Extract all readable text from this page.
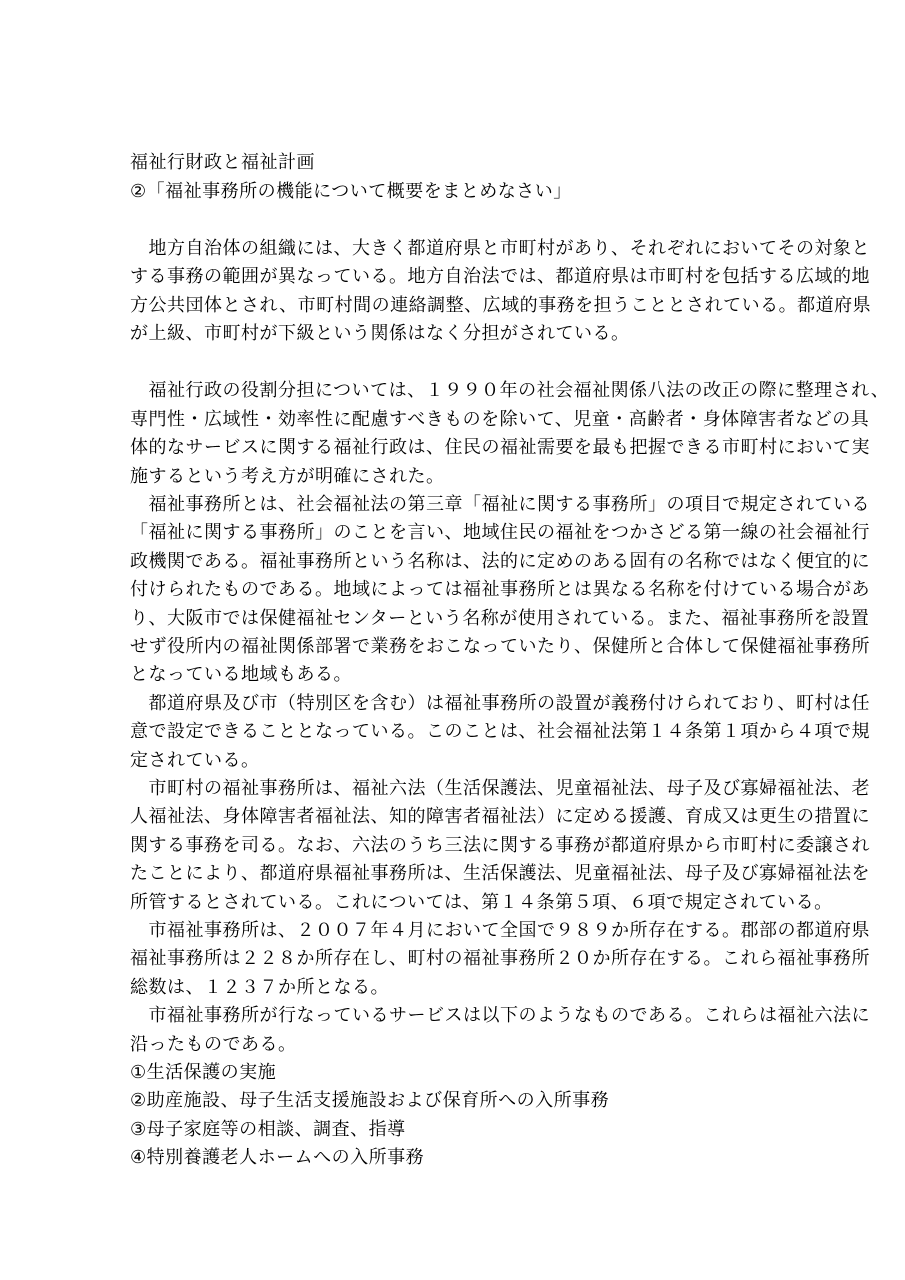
福祉行財政と福祉計画
②「福祉事務所の機能について概要をまとめなさい」
　地方自治体の組織には、大きく都道府県と市町村があり、それぞれにおいてその対象と
する事務の範囲が異なっている。地方自治法では、都道府県は市町村を包括する広域的地
方公共団体とされ、市町村間の連絡調整、広域的事務を担うこととされている。都道府県
が上級、市町村が下級という関係はなく分担がされている。
　福祉行政の役割分担については、１９９０年の社会福祉関係八法の改正の際に整理され、
専門性・広域性・効率性に配慮すべきものを除いて、児童・高齢者・身体障害者などの具
体的なサービスに関する福祉行政は、住民の福祉需要を最も把握できる市町村において実
施するという考え方が明確にされた。
　福祉事務所とは、社会福祉法の第三章「福祉に関する事務所」の項目で規定されている
「福祉に関する事務所」のことを言い、地域住民の福祉をつかさどる第一線の社会福祉行
政機関である。福祉事務所という名称は、法的に定めのある固有の名称ではなく便宜的に
付けられたものである。地域によっては福祉事務所とは異なる名称を付けている場合があ
り、大阪市では保健福祉センターという名称が使用されている。また、福祉事務所を設置
せず役所内の福祉関係部署で業務をおこなっていたり、保健所と合体して保健福祉事務所
となっている地域もある。
　都道府県及び市（特別区を含む）は福祉事務所の設置が義務付けられており、町村は任
意で設定できることとなっている。このことは、社会福祉法第１４条第１項から４項で規
定されている。
　市町村の福祉事務所は、福祉六法（生活保護法、児童福祉法、母子及び寡婦福祉法、老
人福祉法、身体障害者福祉法、知的障害者福祉法）に定める援護、育成又は更生の措置に
関する事務を司る。なお、六法のうち三法に関する事務が都道府県から市町村に委譲され
たことにより、都道府県福祉事務所は、生活保護法、児童福祉法、母子及び寡婦福祉法を
所管するとされている。これについては、第１４条第５項、６項で規定されている。
　市福祉事務所は、２００７年４月において全国で９８９か所存在する。郡部の都道府県
福祉事務所は２２８か所存在し、町村の福祉事務所２０か所存在する。これら福祉事務所
総数は、１２３７か所となる。
　市福祉事務所が行なっているサービスは以下のようなものである。これらは福祉六法に
沿ったものである。
①生活保護の実施
②助産施設、母子生活支援施設および保育所への入所事務
③母子家庭等の相談、調査、指導
④特別養護老人ホームへの入所事務
